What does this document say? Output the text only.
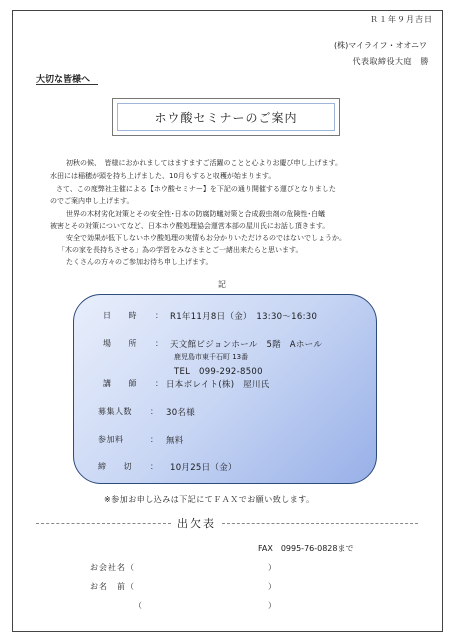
Ｒ１年９月吉日
(株)マイライフ・オオニワ
代表取締役大庭　勝
大切な皆様へ
ホウ酸セミナーのご案内
初秋の候、　皆様におかれましてはますますご活躍のことと心よりお慶び申し上げます。
水田には稲穂が頭を持ち上げました、10月もすると収穫が始まります。
さて、この度弊社主催による【ホウ酸セミナー】を下記の通り開催する運びとなりました
のでご案内申し上げます。
世界の木材劣化対策とその安全性･日本の防腐防蟻対策と合成殺虫剤の危険性･白蟻
被害とその対策についてなど、日本ホウ酸処理協会運営本部の屋川氏にお話し頂きます。
安全で効果が低下しないホウ酸処理の実情もお分かりいただけるのではないでしょうか。
「木の家を長持ちさせる」為の学習をみなさまとご一緒出来たらと思います。
たくさんの方々のご参加お待ち申し上げます。
記
日　　時 ： R1年11月8日（金）　13:30～16:30
場　　所 ： 天文館ビジョンホール　5階　Aホール
鹿児島市東千石町 13番
TEL　099-292-8500
講　　師 ： 日本ボレイト(株)　屋川氏
募集人数 ： 30名様
参加料	： 無料
締　　切 ： 10月25日（金）
※参加お申し込みは下記にてＦＡＸでお願い致します。
出欠表
FAX　0995-76-0828まで
お会社名（	）
お名　前（	）
（	）
